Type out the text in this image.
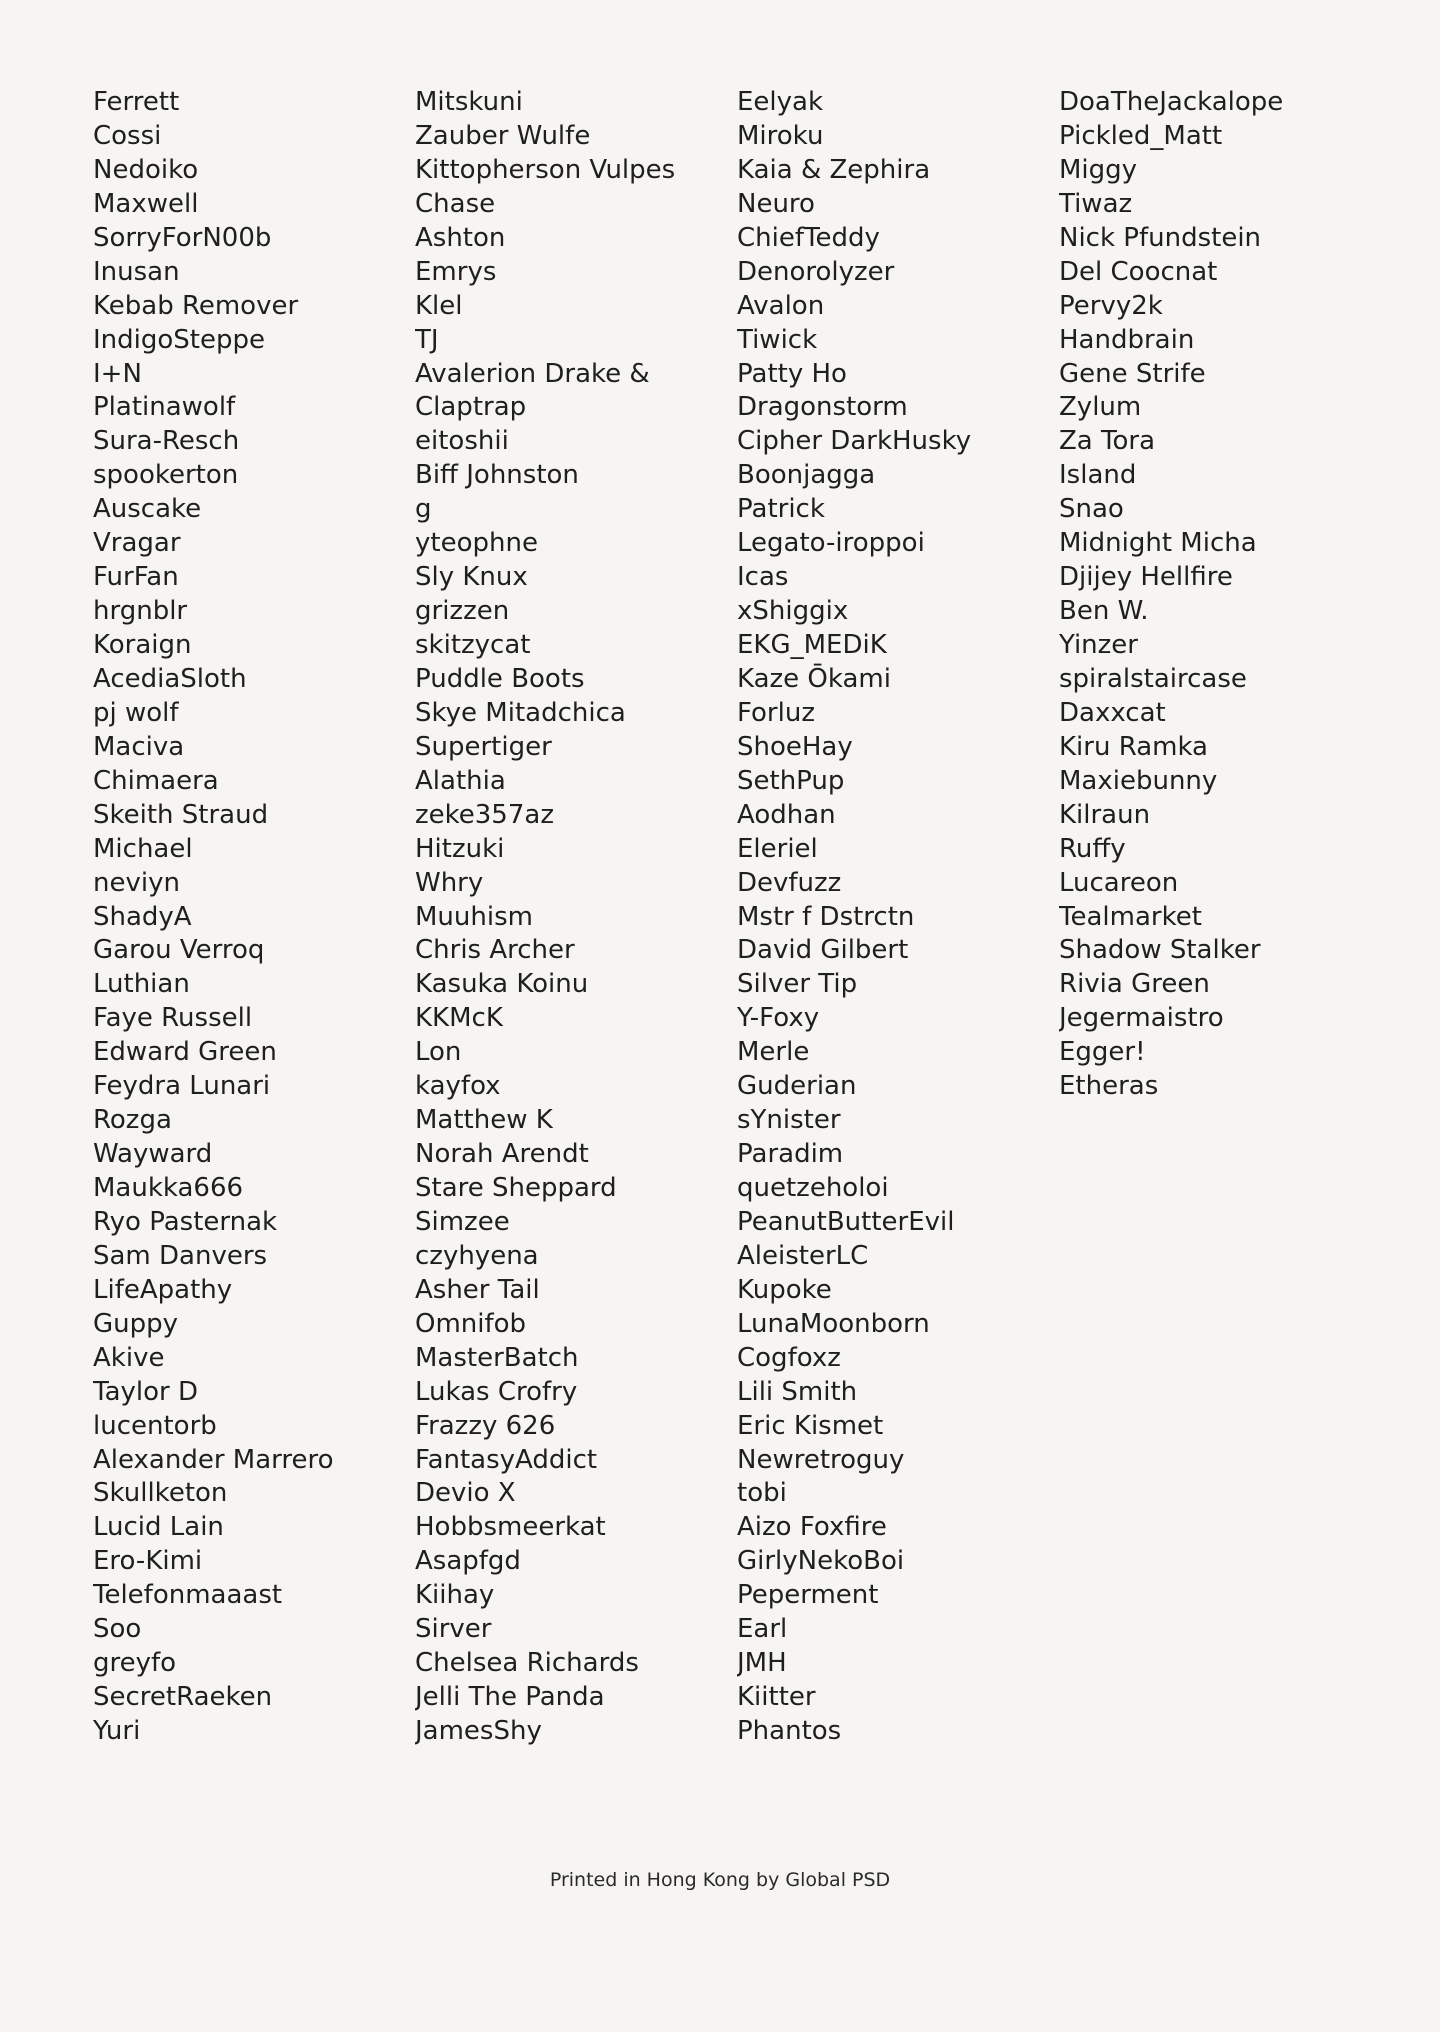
Ferrett
Cossi
Nedoiko
Maxwell
SorryForN00b
Inusan
Kebab Remover
IndigoSteppe
I+N
Platinawolf
Sura-Resch
spookerton
Auscake
Vragar
FurFan
hrgnblr
Koraign
AcediaSloth
pj wolf
Maciva
Chimaera
Skeith Straud
Michael
neviyn
ShadyA
Garou Verroq
Luthian
Faye Russell
Edward Green
Feydra Lunari
Rozga
Wayward
Maukka666
Ryo Pasternak
Sam Danvers
LifeApathy
Guppy
Akive
Taylor D
lucentorb
Alexander Marrero
Skullketon
Lucid Lain
Ero-Kimi
Telefonmaaast
Soo
greyfo
SecretRaeken
Yuri
Mitskuni
Zauber Wulfe
Kittopherson Vulpes
Chase
Ashton
Emrys
Klel
TJ
Avalerion Drake &
Claptrap
eitoshii
Biff Johnston
g
yteophne
Sly Knux
grizzen
skitzycat
Puddle Boots
Skye Mitadchica
Supertiger
Alathia
zeke357az
Hitzuki
Whry
Muuhism
Chris Archer
Kasuka Koinu
KKMcK
Lon
kayfox
Matthew K
Norah Arendt
Stare Sheppard
Simzee
czyhyena
Asher Tail
Omnifob
MasterBatch
Lukas Crofry
Frazzy 626
FantasyAddict
Devio X
Hobbsmeerkat
Asapfgd
Kiihay
Sirver
Chelsea Richards
Jelli The Panda
JamesShy
Eelyak
Miroku
Kaia & Zephira
Neuro
ChiefTeddy
Denorolyzer
Avalon
Tiwick
Patty Ho
Dragonstorm
Cipher DarkHusky
Boonjagga
Patrick
Legato-iroppoi
Icas
xShiggix
EKG_MEDiK
Kaze Ōkami
Forluz
ShoeHay
SethPup
Aodhan
Eleriel
Devfuzz
Mstr f Dstrctn
David Gilbert
Silver Tip
Y-Foxy
Merle
Guderian
sYnister
Paradim
quetzeholoi
PeanutButterEvil
AleisterLC
Kupoke
LunaMoonborn
Cogfoxz
Lili Smith
Eric Kismet
Newretroguy
tobi
Aizo Foxfire
GirlyNekoBoi
Peperment
Earl
JMH
Kiitter
Phantos
DoaTheJackalope
Pickled_Matt
Miggy
Tiwaz
Nick Pfundstein
Del Coocnat
Pervy2k
Handbrain
Gene Strife
Zylum
Za Tora
Island
Snao
Midnight Micha
Djijey Hellfire
Ben W.
Yinzer
spiralstaircase
Daxxcat
Kiru Ramka
Maxiebunny
Kilraun
Ruffy
Lucareon
Tealmarket
Shadow Stalker
Rivia Green
Jegermaistro
Egger!
Etheras
Printed in Hong Kong by Global PSD
